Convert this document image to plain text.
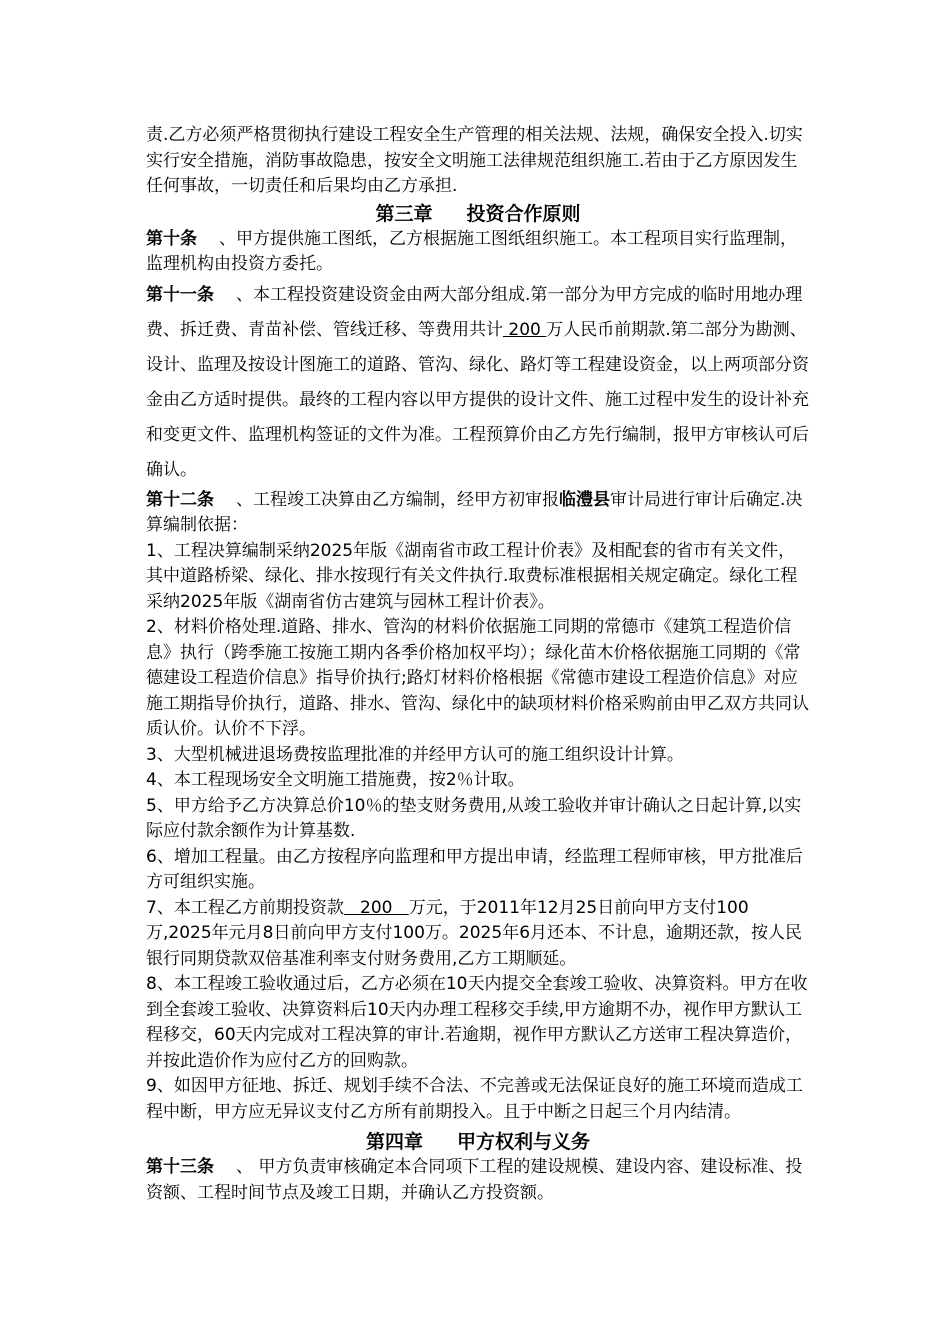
责.乙方必须严格贯彻执行建设工程安全生产管理的相关法规、法规，确保安全投入.切实实行安全措施，消防事故隐患，按安全文明施工法律规范组织施工.若由于乙方原因发生任何事故，一切责任和后果均由乙方承担.

第三章 投资合作原则

第十条 、甲方提供施工图纸，乙方根据施工图纸组织施工。本工程项目实行监理制，监理机构由投资方委托。

第十一条 、本工程投资建设资金由两大部分组成.第一部分为甲方完成的临时用地办理费、拆迁费、青苗补偿、管线迁移、等费用共计 200 万人民币前期款.第二部分为勘测、设计、监理及按设计图施工的道路、管沟、绿化、路灯等工程建设资金，以上两项部分资金由乙方适时提供。最终的工程内容以甲方提供的设计文件、施工过程中发生的设计补充和变更文件、监理机构签证的文件为准。工程预算价由乙方先行编制，报甲方审核认可后确认。

第十二条 、工程竣工决算由乙方编制，经甲方初审报临澧县审计局进行审计后确定.决算编制依据：

1、工程决算编制采纳2025年版《湖南省市政工程计价表》及相配套的省市有关文件，其中道路桥梁、绿化、排水按现行有关文件执行.取费标准根据相关规定确定。绿化工程采纳2025年版《湖南省仿古建筑与园林工程计价表》。

2、材料价格处理.道路、排水、管沟的材料价依据施工同期的常德市《建筑工程造价信息》执行（跨季施工按施工期内各季价格加权平均）；绿化苗木价格依据施工同期的《常德建设工程造价信息》指导价执行;路灯材料价格根据《常德市建设工程造价信息》对应施工期指导价执行，道路、排水、管沟、绿化中的缺项材料价格采购前由甲乙双方共同认质认价。认价不下浮。

3、大型机械进退场费按监理批准的并经甲方认可的施工组织设计计算。

4、本工程现场安全文明施工措施费，按2％计取。

5、甲方给予乙方决算总价10％的垫支财务费用,从竣工验收并审计确认之日起计算,以实际应付款余额作为计算基数.

6、增加工程量。由乙方按程序向监理和甲方提出申请，经监理工程师审核，甲方批准后方可组织实施。

7、本工程乙方前期投资款   200   万元，于2011年12月25日前向甲方支付100万,2025年元月8日前向甲方支付100万。2025年6月还本、不计息，逾期还款，按人民银行同期贷款双倍基准利率支付财务费用,乙方工期顺延。

8、本工程竣工验收通过后，乙方必须在10天内提交全套竣工验收、决算资料。甲方在收到全套竣工验收、决算资料后10天内办理工程移交手续,甲方逾期不办，视作甲方默认工程移交，60天内完成对工程决算的审计.若逾期，视作甲方默认乙方送审工程决算造价，并按此造价作为应付乙方的回购款。

9、如因甲方征地、拆迁、规划手续不合法、不完善或无法保证良好的施工环境而造成工程中断，甲方应无异议支付乙方所有前期投入。且于中断之日起三个月内结清。

第四章 甲方权利与义务

第十三条 、 甲方负责审核确定本合同项下工程的建设规模、建设内容、建设标准、投资额、工程时间节点及竣工日期，并确认乙方投资额。
